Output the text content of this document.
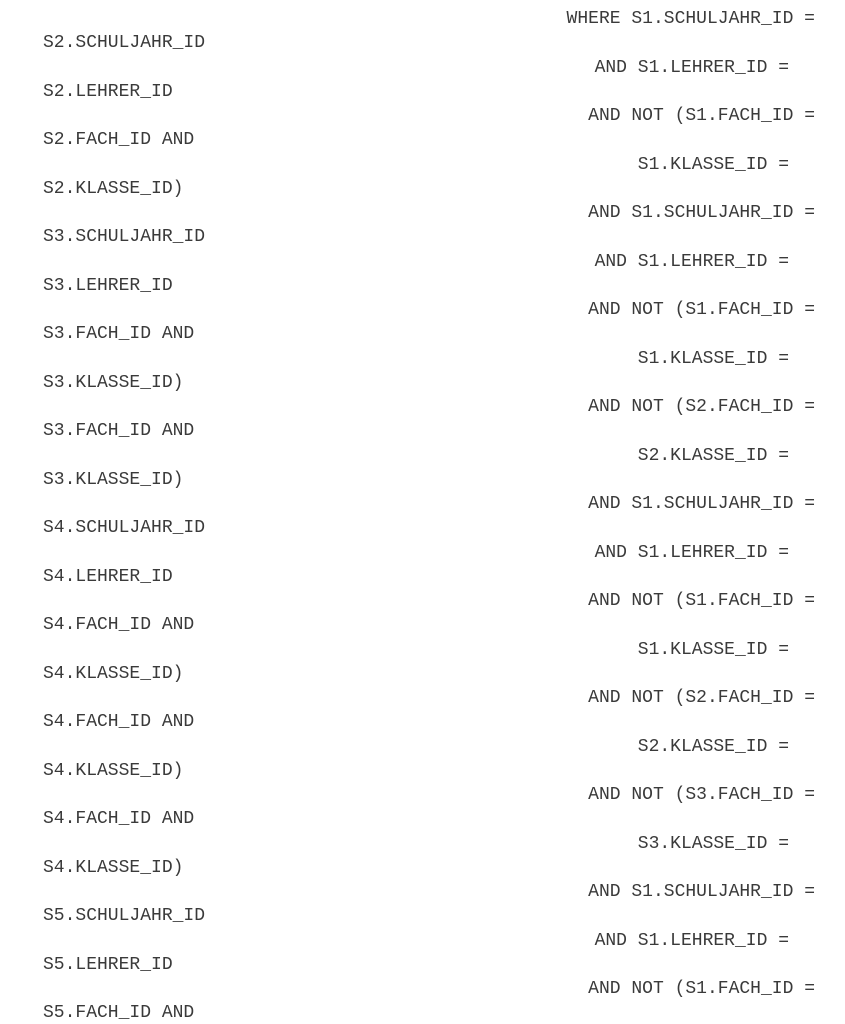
WHERE S1.SCHULJAHR_ID =
S2.SCHULJAHR_ID
AND S1.LEHRER_ID =
S2.LEHRER_ID
AND NOT (S1.FACH_ID =
S2.FACH_ID AND
S1.KLASSE_ID =
S2.KLASSE_ID)
AND S1.SCHULJAHR_ID =
S3.SCHULJAHR_ID
AND S1.LEHRER_ID =
S3.LEHRER_ID
AND NOT (S1.FACH_ID =
S3.FACH_ID AND
S1.KLASSE_ID =
S3.KLASSE_ID)
AND NOT (S2.FACH_ID =
S3.FACH_ID AND
S2.KLASSE_ID =
S3.KLASSE_ID)
AND S1.SCHULJAHR_ID =
S4.SCHULJAHR_ID
AND S1.LEHRER_ID =
S4.LEHRER_ID
AND NOT (S1.FACH_ID =
S4.FACH_ID AND
S1.KLASSE_ID =
S4.KLASSE_ID)
AND NOT (S2.FACH_ID =
S4.FACH_ID AND
S2.KLASSE_ID =
S4.KLASSE_ID)
AND NOT (S3.FACH_ID =
S4.FACH_ID AND
S3.KLASSE_ID =
S4.KLASSE_ID)
AND S1.SCHULJAHR_ID =
S5.SCHULJAHR_ID
AND S1.LEHRER_ID =
S5.LEHRER_ID
AND NOT (S1.FACH_ID =
S5.FACH_ID AND
